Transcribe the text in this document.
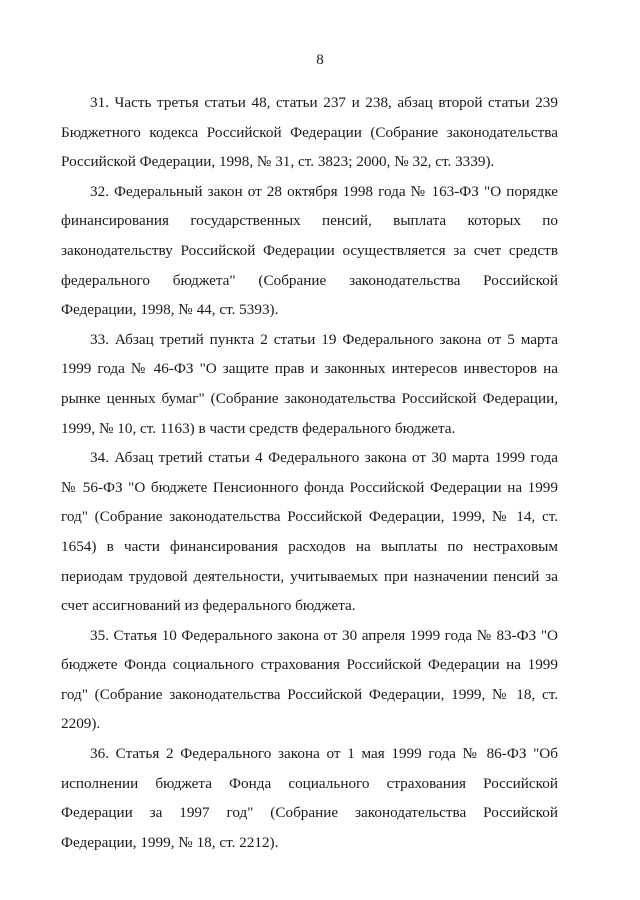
8

31. Часть третья статьи 48, статьи 237 и 238, абзац второй статьи 239 Бюджетного кодекса Российской Федерации (Собрание законодательства Российской Федерации, 1998, № 31, ст. 3823; 2000, № 32, ст. 3339).

32. Федеральный закон от 28 октября 1998 года № 163-ФЗ "О порядке финансирования государственных пенсий, выплата которых по законодательству Российской Федерации осуществляется за счет средств федерального бюджета" (Собрание законодательства Российской Федерации, 1998, № 44, ст. 5393).

33. Абзац третий пункта 2 статьи 19 Федерального закона от 5 марта 1999 года № 46-ФЗ "О защите прав и законных интересов инвесторов на рынке ценных бумаг" (Собрание законодательства Российской Федерации, 1999, № 10, ст. 1163) в части средств федерального бюджета.

34. Абзац третий статьи 4 Федерального закона от 30 марта 1999 года № 56-ФЗ "О бюджете Пенсионного фонда Российской Федерации на 1999 год" (Собрание законодательства Российской Федерации, 1999, № 14, ст. 1654) в части финансирования расходов на выплаты по нестраховым периодам трудовой деятельности, учитываемых при назначении пенсий за счет ассигнований из федерального бюджета.

35. Статья 10 Федерального закона от 30 апреля 1999 года № 83-ФЗ "О бюджете Фонда социального страхования Российской Федерации на 1999 год" (Собрание законодательства Российской Федерации, 1999, № 18, ст. 2209).

36. Статья 2 Федерального закона от 1 мая 1999 года № 86-ФЗ "Об исполнении бюджета Фонда социального страхования Российской Федерации за 1997 год" (Собрание законодательства Российской Федерации, 1999, № 18, ст. 2212).
